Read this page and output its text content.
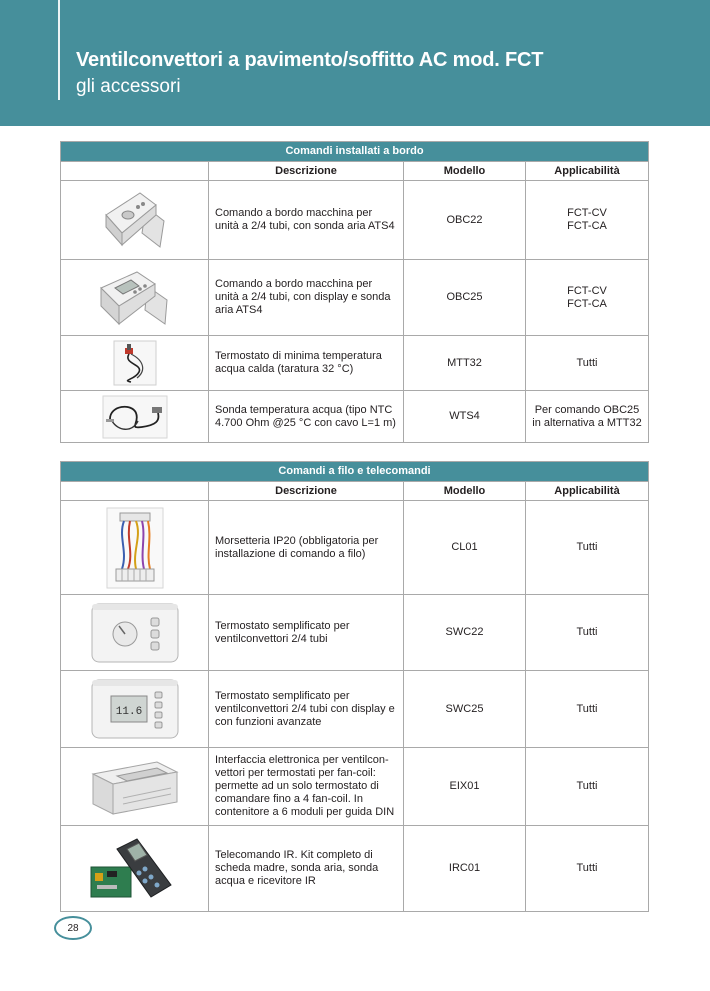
Ventilconvettori a pavimento/soffitto AC mod. FCT
gli accessori
Comandi installati a bordo			
	Descrizione	Modello	Applicabilità

	Comando a bordo macchina per unità a 2/4 tubi, con sonda aria ATS4	OBC22	FCT-CV
FCT-CA

	Comando a bordo macchina per unità a 2/4 tubi, con display e sonda aria ATS4	OBC25	FCT-CV
FCT-CA

	Termostato di minima temperatura acqua calda (taratura 32 °C)	MTT32	Tutti

	Sonda temperatura acqua (tipo NTC 4.700 Ohm @25 °C con cavo L=1 m)	WTS4	Per comando OBC25
in alternativa a MTT32
Comandi a filo e telecomandi			
	Descrizione	Modello	Applicabilità

	Morsetteria IP20 (obbligatoria per installazione di comando a filo)	CL01	Tutti

	Termostato semplificato per ventilconvettori 2/4 tubi	SWC22	Tutti

11.6	Termostato semplificato per ventilconvettori 2/4 tubi con display e con funzioni avanzate	SWC25	Tutti

	Interfaccia elettronica per ventilcon-vettori per termostati per fan-coil: permette ad un solo termostato di comandare fino a 4 fan-coil. In contenitore a 6 moduli per guida DIN	EIX01	Tutti

	Telecomando IR. Kit completo di scheda madre, sonda aria, sonda acqua e ricevitore IR	IRC01	Tutti
28
